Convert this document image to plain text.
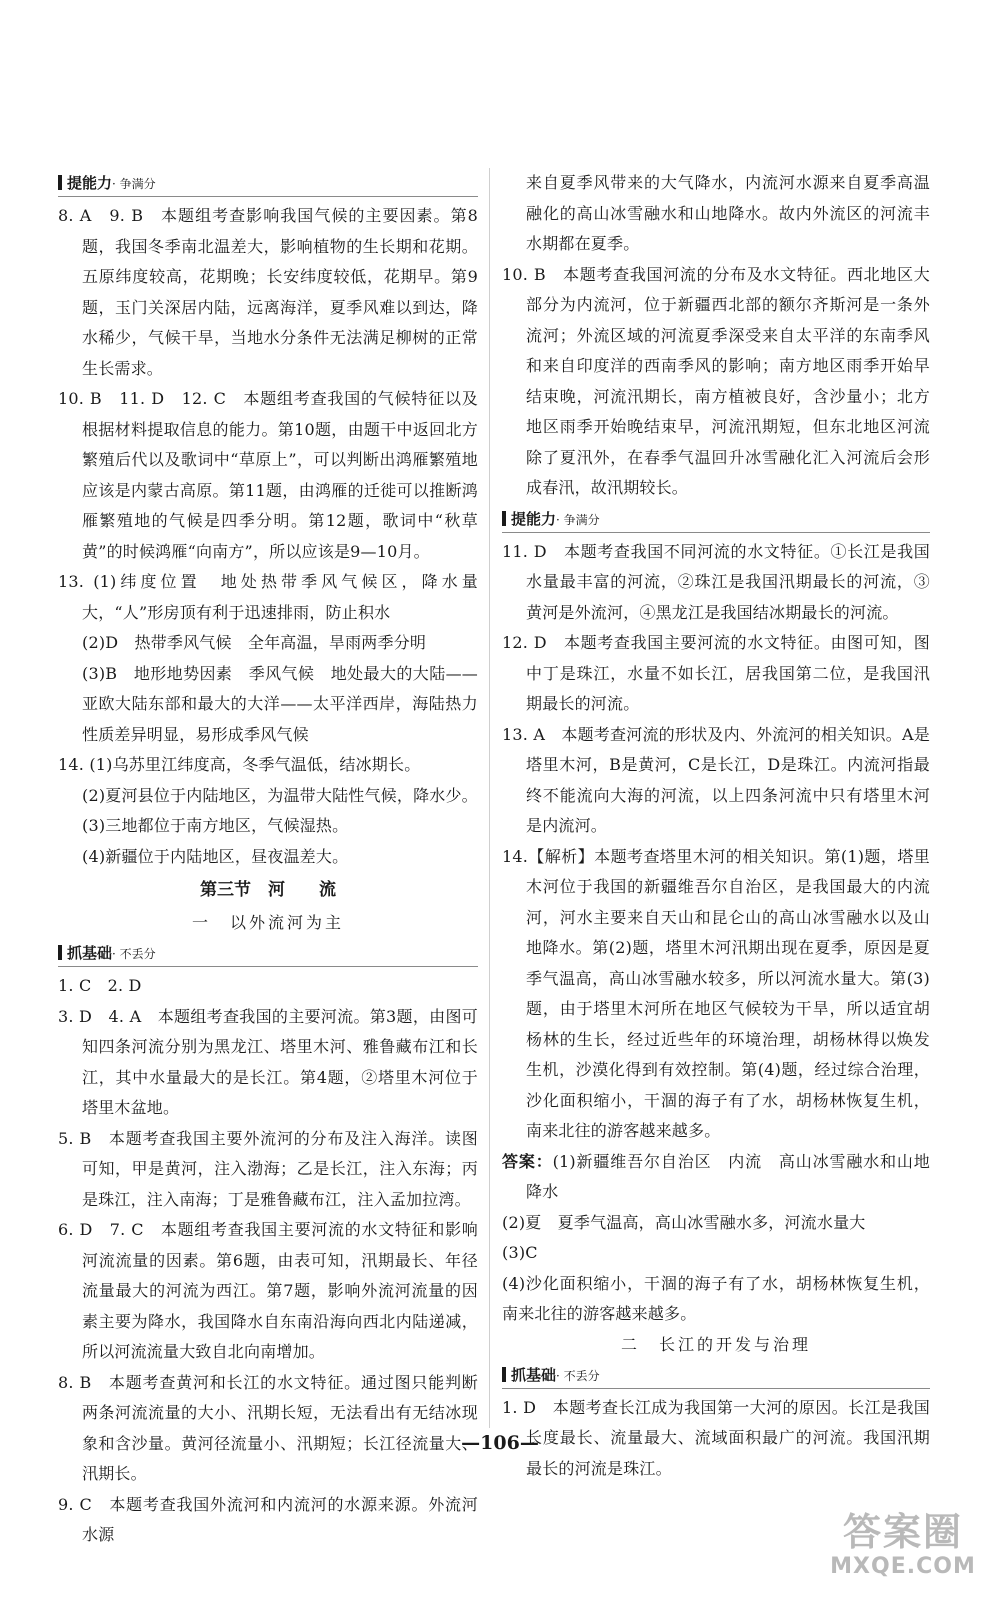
提能力· 争满分

8. A　9. B　本题组考查影响我国气候的主要因素。第8题，我国冬季南北温差大，影响植物的生长期和花期。五原纬度较高，花期晚；长安纬度较低，花期早。第9题，玉门关深居内陆，远离海洋，夏季风难以到达，降水稀少，气候干旱，当地水分条件无法满足柳树的正常生长需求。

10. B　11. D　12. C　本题组考查我国的气候特征以及根据材料提取信息的能力。第10题，由题干中返回北方繁殖后代以及歌词中“草原上”，可以判断出鸿雁繁殖地应该是内蒙古高原。第11题，由鸿雁的迁徙可以推断鸿雁繁殖地的气候是四季分明。第12题，歌词中“秋草黄”的时候鸿雁“向南方”，所以应该是9—10月。

13. (1)纬度位置　地处热带季风气候区，降水量大，“人”形房顶有利于迅速排雨，防止积水

(2)D　热带季风气候　全年高温，旱雨两季分明

(3)B　地形地势因素　季风气候　地处最大的大陆——亚欧大陆东部和最大的大洋——太平洋西岸，海陆热力性质差异明显，易形成季风气候

14. (1)乌苏里江纬度高，冬季气温低，结冰期长。

(2)夏河县位于内陆地区，为温带大陆性气候，降水少。

(3)三地都位于南方地区，气候湿热。

(4)新疆位于内陆地区，昼夜温差大。

第三节　河　　流
一　以外流河为主
抓基础· 不丢分

1. C　2. D

3. D　4. A　本题组考查我国的主要河流。第3题，由图可知四条河流分别为黑龙江、塔里木河、雅鲁藏布江和长江，其中水量最大的是长江。第4题，②塔里木河位于塔里木盆地。

5. B　本题考查我国主要外流河的分布及注入海洋。读图可知，甲是黄河，注入渤海；乙是长江，注入东海；丙是珠江，注入南海；丁是雅鲁藏布江，注入孟加拉湾。

6. D　7. C　本题组考查我国主要河流的水文特征和影响河流流量的因素。第6题，由表可知，汛期最长、年径流量最大的河流为西江。第7题，影响外流河流量的因素主要为降水，我国降水自东南沿海向西北内陆递减，所以河流流量大致自北向南增加。

8. B　本题考查黄河和长江的水文特征。通过图只能判断两条河流流量的大小、汛期长短，无法看出有无结冰现象和含沙量。黄河径流量小、汛期短；长江径流量大、汛期长。

9. C　本题考查我国外流河和内流河的水源来源。外流河水源

来自夏季风带来的大气降水，内流河水源来自夏季高温融化的高山冰雪融水和山地降水。故内外流区的河流丰水期都在夏季。

10. B　本题考查我国河流的分布及水文特征。西北地区大部分为内流河，位于新疆西北部的额尔齐斯河是一条外流河；外流区域的河流夏季深受来自太平洋的东南季风和来自印度洋的西南季风的影响；南方地区雨季开始早结束晚，河流汛期长，南方植被良好，含沙量小；北方地区雨季开始晚结束早，河流汛期短，但东北地区河流除了夏汛外，在春季气温回升冰雪融化汇入河流后会形成春汛，故汛期较长。

提能力· 争满分

11. D　本题考查我国不同河流的水文特征。①长江是我国水量最丰富的河流，②珠江是我国汛期最长的河流，③黄河是外流河，④黑龙江是我国结冰期最长的河流。

12. D　本题考查我国主要河流的水文特征。由图可知，图中丁是珠江，水量不如长江，居我国第二位，是我国汛期最长的河流。

13. A　本题考查河流的形状及内、外流河的相关知识。A是塔里木河，B是黄河，C是长江，D是珠江。内流河指最终不能流向大海的河流，以上四条河流中只有塔里木河是内流河。

14.【解析】本题考查塔里木河的相关知识。第(1)题，塔里木河位于我国的新疆维吾尔自治区，是我国最大的内流河，河水主要来自天山和昆仑山的高山冰雪融水以及山地降水。第(2)题，塔里木河汛期出现在夏季，原因是夏季气温高，高山冰雪融水较多，所以河流水量大。第(3)题，由于塔里木河所在地区气候较为干旱，所以适宜胡杨林的生长，经过近些年的环境治理，胡杨林得以焕发生机，沙漠化得到有效控制。第(4)题，经过综合治理，沙化面积缩小，干涸的海子有了水，胡杨林恢复生机，南来北往的游客越来越多。

答案：(1)新疆维吾尔自治区　内流　高山冰雪融水和山地降水

(2)夏　夏季气温高，高山冰雪融水多，河流水量大

(3)C

(4)沙化面积缩小，干涸的海子有了水，胡杨林恢复生机，南来北往的游客越来越多。

二　长江的开发与治理
抓基础· 不丢分

1. D　本题考查长江成为我国第一大河的原因。长江是我国长度最长、流量最大、流域面积最广的河流。我国汛期最长的河流是珠江。

—106—
答案圈
MXQE.COM
